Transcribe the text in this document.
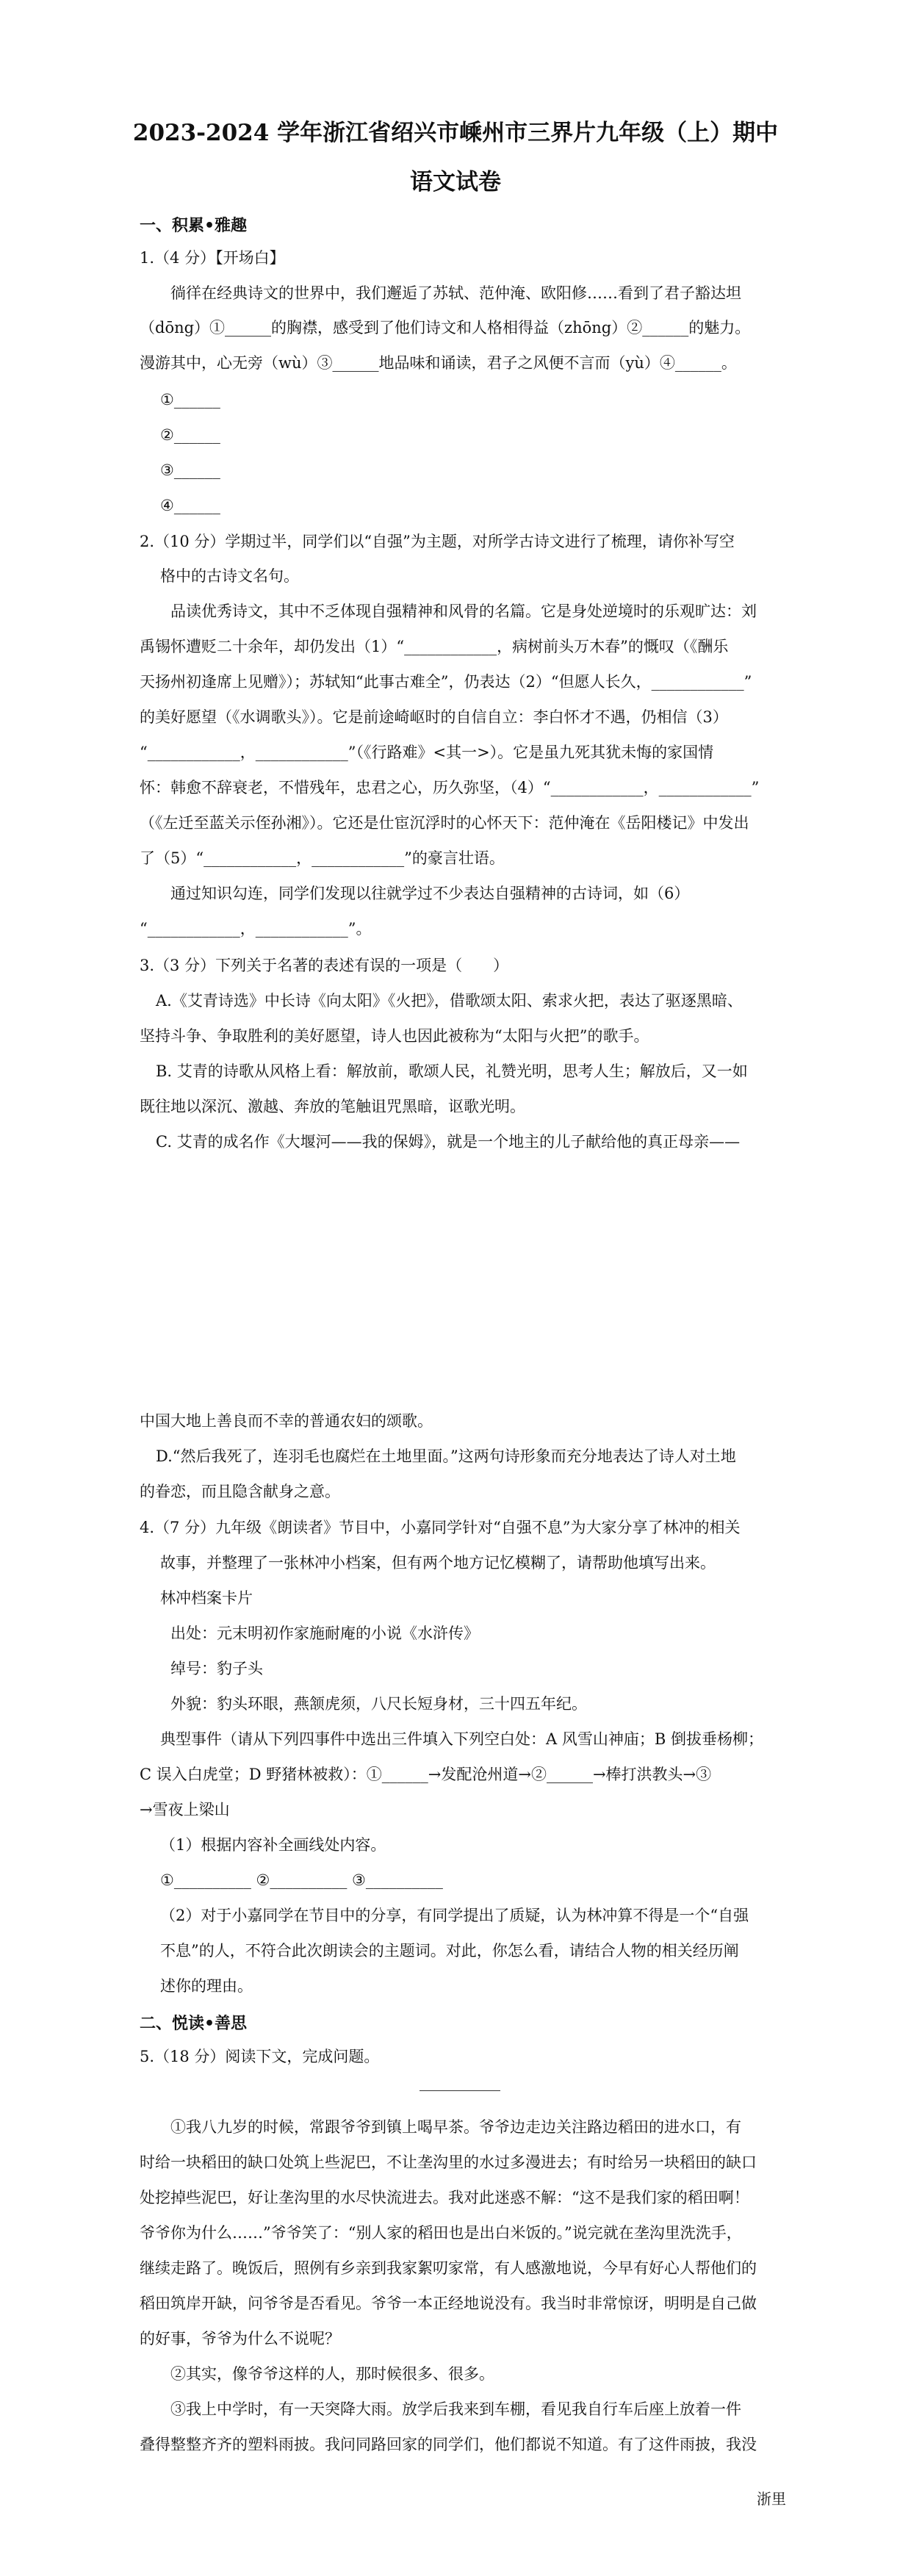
2023-2024 学年浙江省绍兴市嵊州市三界片九年级（上）期中
语文试卷
一、积累•雅趣
1.（4 分）【开场白】
徜徉在经典诗文的世界中，我们邂逅了苏轼、范仲淹、欧阳修……看到了君子豁达坦
（dōng）①______的胸襟，感受到了他们诗文和人格相得益（zhōng）②______的魅力。
漫游其中，心无旁（wù）③______地品味和诵读，君子之风便不言而（yù）④______。
①______
②______
③______
④______
2.（10 分）学期过半，同学们以“自强”为主题，对所学古诗文进行了梳理，请你补写空
格中的古诗文名句。
品读优秀诗文，其中不乏体现自强精神和风骨的名篇。它是身处逆境时的乐观旷达：刘
禹锡怀遭贬二十余年，却仍发出（1）“____________，病树前头万木春”的慨叹（《酬乐
天扬州初逢席上见赠》）；苏轼知“此事古难全”，仍表达（2）“但愿人长久，____________”
的美好愿望（《水调歌头》）。它是前途崎岖时的自信自立：李白怀才不遇，仍相信（3）
“____________，____________”（《行路难》<其一>）。它是虽九死其犹未悔的家国情
怀：韩愈不辞衰老，不惜残年，忠君之心，历久弥坚，（4）“____________，____________”
（《左迁至蓝关示侄孙湘》）。它还是仕宦沉浮时的心怀天下：范仲淹在《岳阳楼记》中发出
了（5）“____________，____________”的豪言壮语。
通过知识勾连，同学们发现以往就学过不少表达自强精神的古诗词，如（6）
“____________，____________”。
3.（3 分）下列关于名著的表述有误的一项是（　　）
A.《艾青诗选》中长诗《向太阳》《火把》，借歌颂太阳、索求火把，表达了驱逐黑暗、
坚持斗争、争取胜利的美好愿望，诗人也因此被称为“太阳与火把”的歌手。
B. 艾青的诗歌从风格上看：解放前，歌颂人民，礼赞光明，思考人生；解放后，又一如
既往地以深沉、激越、奔放的笔触诅咒黑暗，讴歌光明。
C. 艾青的成名作《大堰河——我的保姆》，就是一个地主的儿子献给他的真正母亲——
中国大地上善良而不幸的普通农妇的颂歌。
D.“然后我死了，连羽毛也腐烂在土地里面。”这两句诗形象而充分地表达了诗人对土地
的眷恋，而且隐含献身之意。
4.（7 分）九年级《朗读者》节目中，小嘉同学针对“自强不息”为大家分享了林冲的相关
故事，并整理了一张林冲小档案，但有两个地方记忆模糊了，请帮助他填写出来。
林冲档案卡片
出处：元末明初作家施耐庵的小说《水浒传》
绰号：豹子头
外貌：豹头环眼，燕颔虎须，八尺长短身材，三十四五年纪。
典型事件（请从下列四事件中选出三件填入下列空白处：A 风雪山神庙；B 倒拔垂杨柳；
C 误入白虎堂；D 野猪林被救）：①______→发配沧州道→②______→棒打洪教头→③
→雪夜上梁山
（1）根据内容补全画线处内容。
①__________ ②__________ ③__________
（2）对于小嘉同学在节目中的分享，有同学提出了质疑，认为林冲算不得是一个“自强
不息”的人，不符合此次朗读会的主题词。对此，你怎么看，请结合人物的相关经历阐
述你的理由。
二、悦读•善思
5.（18 分）阅读下文，完成问题。
①我八九岁的时候，常跟爷爷到镇上喝早茶。爷爷边走边关注路边稻田的进水口，有
时给一块稻田的缺口处筑上些泥巴，不让垄沟里的水过多漫进去；有时给另一块稻田的缺口
处挖掉些泥巴，好让垄沟里的水尽快流进去。我对此迷惑不解：“这不是我们家的稻田啊！
爷爷你为什么……”爷爷笑了：“别人家的稻田也是出白米饭的。”说完就在垄沟里洗洗手，
继续走路了。晚饭后，照例有乡亲到我家絮叨家常，有人感激地说，今早有好心人帮他们的
稻田筑岸开缺，问爷爷是否看见。爷爷一本正经地说没有。我当时非常惊讶，明明是自己做
的好事，爷爷为什么不说呢？
②其实，像爷爷这样的人，那时候很多、很多。
③我上中学时，有一天突降大雨。放学后我来到车棚，看见我自行车后座上放着一件
叠得整整齐齐的塑料雨披。我问同路回家的同学们，他们都说不知道。有了这件雨披，我没
浙里
